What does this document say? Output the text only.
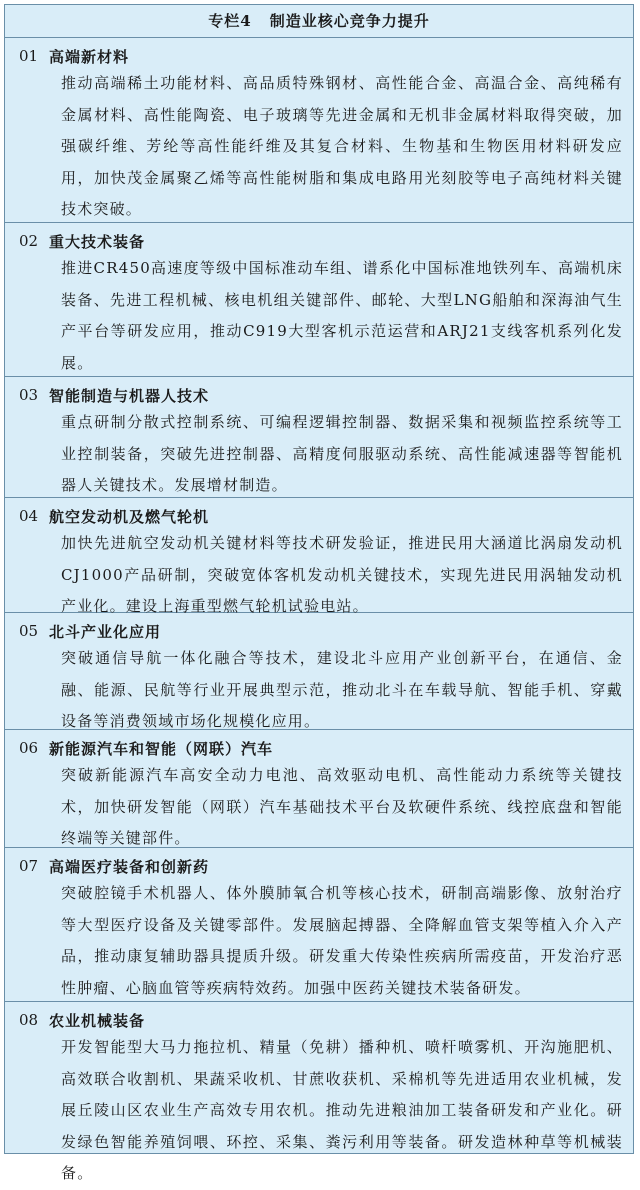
专栏4 制造业核心竞争力提升
01 高端新材料
推动高端稀土功能材料、高品质特殊钢材、高性能合金、高温合金、高纯稀有金属材料、高性能陶瓷、电子玻璃等先进金属和无机非金属材料取得突破，加强碳纤维、芳纶等高性能纤维及其复合材料、生物基和生物医用材料研发应用，加快茂金属聚乙烯等高性能树脂和集成电路用光刻胶等电子高纯材料关键技术突破。
02 重大技术装备
推进CR450高速度等级中国标准动车组、谱系化中国标准地铁列车、高端机床装备、先进工程机械、核电机组关键部件、邮轮、大型LNG船舶和深海油气生产平台等研发应用，推动C919大型客机示范运营和ARJ21支线客机系列化发展。
03 智能制造与机器人技术
重点研制分散式控制系统、可编程逻辑控制器、数据采集和视频监控系统等工业控制装备，突破先进控制器、高精度伺服驱动系统、高性能减速器等智能机器人关键技术。发展增材制造。
04 航空发动机及燃气轮机
加快先进航空发动机关键材料等技术研发验证，推进民用大涵道比涡扇发动机CJ1000产品研制，突破宽体客机发动机关键技术，实现先进民用涡轴发动机产业化。建设上海重型燃气轮机试验电站。
05 北斗产业化应用
突破通信导航一体化融合等技术，建设北斗应用产业创新平台，在通信、金融、能源、民航等行业开展典型示范，推动北斗在车载导航、智能手机、穿戴设备等消费领域市场化规模化应用。
06 新能源汽车和智能（网联）汽车
突破新能源汽车高安全动力电池、高效驱动电机、高性能动力系统等关键技术，加快研发智能（网联）汽车基础技术平台及软硬件系统、线控底盘和智能终端等关键部件。
07 高端医疗装备和创新药
突破腔镜手术机器人、体外膜肺氧合机等核心技术，研制高端影像、放射治疗等大型医疗设备及关键零部件。发展脑起搏器、全降解血管支架等植入介入产品，推动康复辅助器具提质升级。研发重大传染性疾病所需疫苗，开发治疗恶性肿瘤、心脑血管等疾病特效药。加强中医药关键技术装备研发。
08 农业机械装备
开发智能型大马力拖拉机、精量（免耕）播种机、喷杆喷雾机、开沟施肥机、高效联合收割机、果蔬采收机、甘蔗收获机、采棉机等先进适用农业机械，发展丘陵山区农业生产高效专用农机。推动先进粮油加工装备研发和产业化。研发绿色智能养殖饲喂、环控、采集、粪污利用等装备。研发造林种草等机械装备。
